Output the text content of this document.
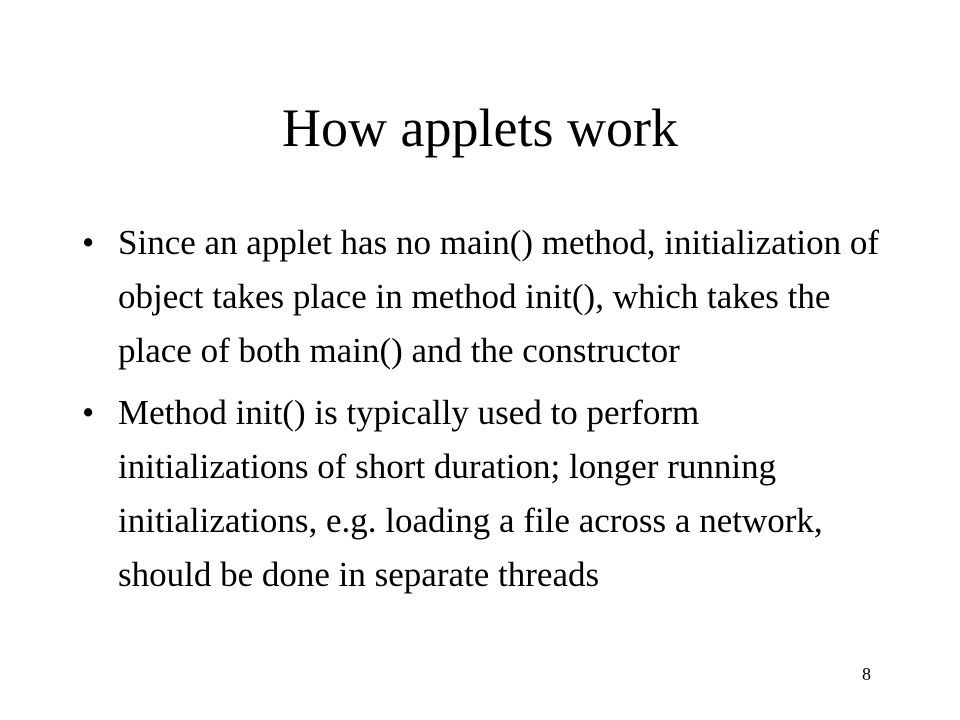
How applets work
• Since an applet has no main() method, initialization of object takes place in method init(), which takes the place of both main() and the constructor
• Method init() is typically used to perform initializations of short duration; longer running initializations, e.g. loading a file across a network, should be done in separate threads
8
